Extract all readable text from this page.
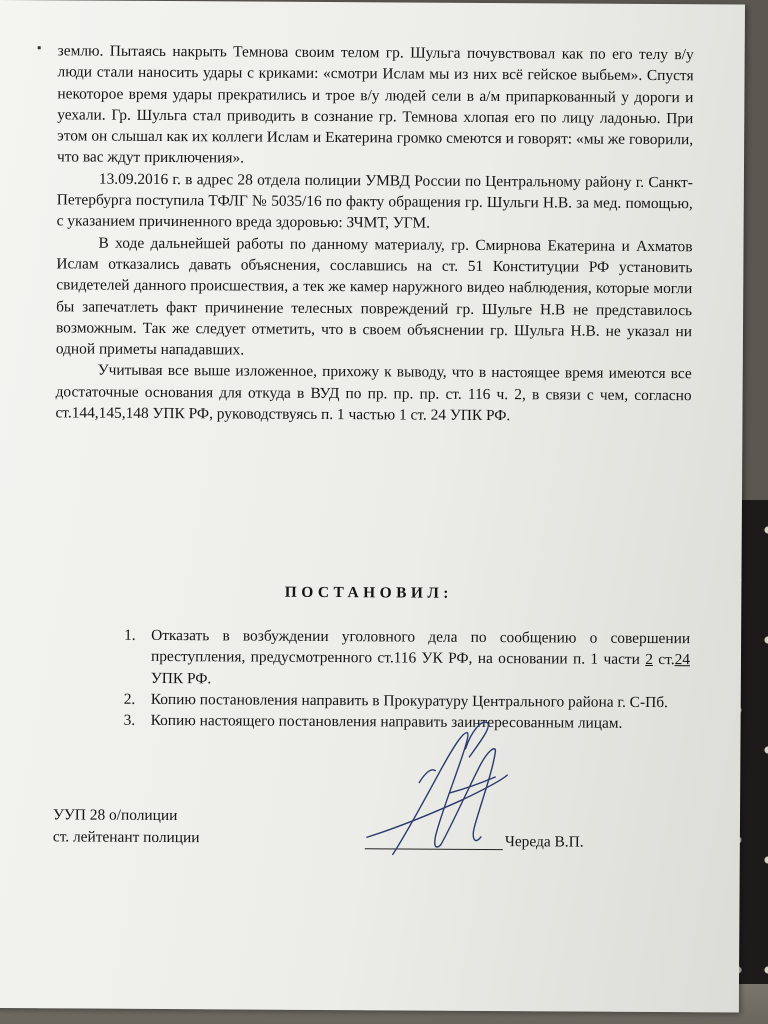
землю. Пытаясь накрыть Темнова своим телом гр. Шульга почувствовал как по его телу в/у люди стали наносить удары с криками: «смотри Ислам мы из них всё гейское выбьем». Спустя некоторое время удары прекратились и трое в/у людей сели в а/м припаркованный у дороги и уехали. Гр. Шульга стал приводить в сознание гр. Темнова хлопая его по лицу ладонью. При этом он слышал как их коллеги Ислам и Екатерина громко смеются и говорят: «мы же говорили, что вас ждут приключения».

13.09.2016 г. в адрес 28 отдела полиции УМВД России по Центральному району г. Санкт-Петербурга поступила ТФЛГ № 5035/16 по факту обращения гр. Шульги Н.В. за мед. помощью, с указанием причиненного вреда здоровью: ЗЧМТ, УГМ.

В ходе дальнейшей работы по данному материалу, гр. Смирнова Екатерина и Ахматов Ислам отказались давать объяснения, сославшись на ст. 51 Конституции РФ установить свидетелей данного происшествия, а тек же камер наружного видео наблюдения, которые могли бы запечатлеть факт причинение телесных повреждений гр. Шульге Н.В не представилось возможным. Так же следует отметить, что в своем объяснении гр. Шульга Н.В. не указал ни одной приметы нападавших.

Учитывая все выше изложенное, прихожу к выводу, что в настоящее время имеются все достаточные основания для откуда в ВУД по пр. пр. пр. ст. 116 ч. 2, в связи с чем, согласно ст.144,145,148 УПК РФ, руководствуясь п. 1 частью 1 ст. 24 УПК РФ.

ПОСТАНОВИЛ:
1. Отказать в возбуждении уголовного дела по сообщению о совершении преступления, предусмотренного ст.116 УК РФ, на основании п. 1 части 2 ст.24 УПК РФ.
2. Копию постановления направить в Прокуратуру Центрального района г. С-Пб.
3. Копию настоящего постановления направить заинтересованным лицам.
УУП 28 о/полиции
ст. лейтенант полиции	Череда В.П.
